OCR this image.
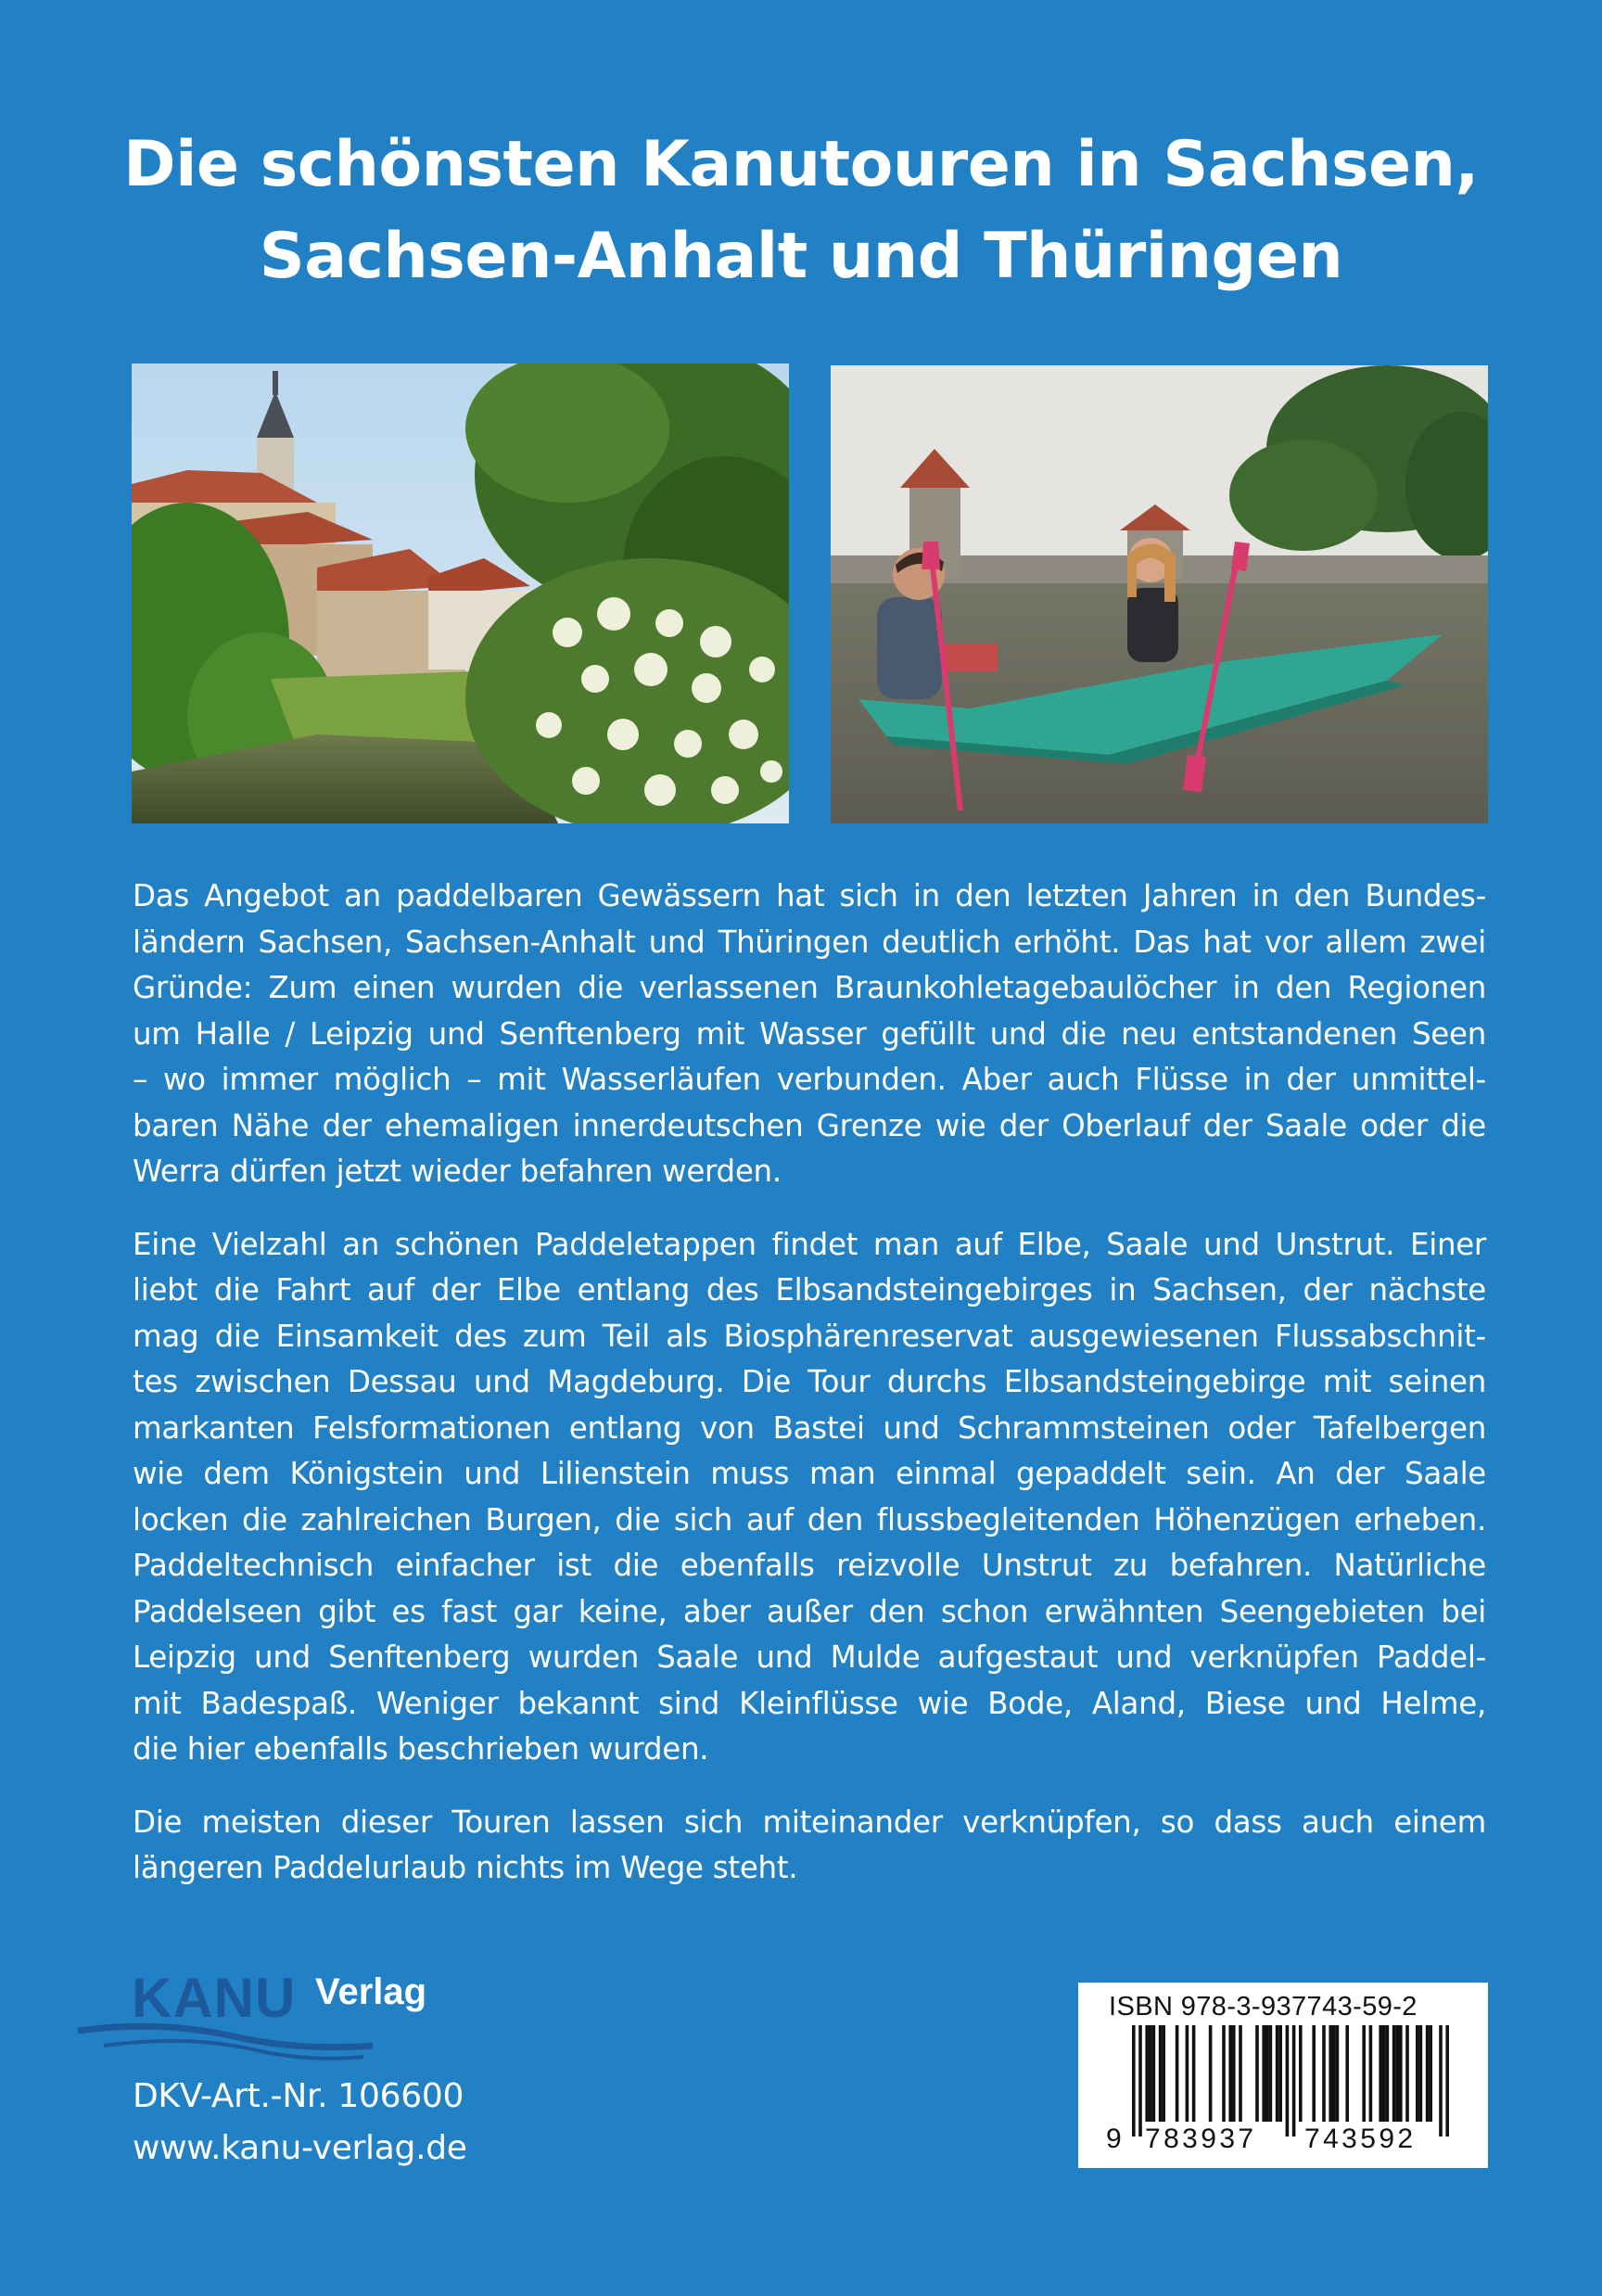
Die schönsten Kanutouren in Sachsen,
Sachsen-Anhalt und Thüringen

Das Angebot an paddelbaren Gewässern hat sich in den letzten Jahren in den Bundes-
ländern Sachsen, Sachsen-Anhalt und Thüringen deutlich erhöht. Das hat vor allem zwei
Gründe: Zum einen wurden die verlassenen Braunkohletagebaulöcher in den Regionen
um Halle / Leipzig und Senftenberg mit Wasser gefüllt und die neu entstandenen Seen
– wo immer möglich – mit Wasserläufen verbunden. Aber auch Flüsse in der unmittel-
baren Nähe der ehemaligen innerdeutschen Grenze wie der Oberlauf der Saale oder die
Werra dürfen jetzt wieder befahren werden.

Eine Vielzahl an schönen Paddeletappen findet man auf Elbe, Saale und Unstrut. Einer
liebt die Fahrt auf der Elbe entlang des Elbsandsteingebirges in Sachsen, der nächste
mag die Einsamkeit des zum Teil als Biosphärenreservat ausgewiesenen Flussabschnit-
tes zwischen Dessau und Magdeburg. Die Tour durchs Elbsandsteingebirge mit seinen
markanten Felsformationen entlang von Bastei und Schrammsteinen oder Tafelbergen
wie dem Königstein und Lilienstein muss man einmal gepaddelt sein. An der Saale
locken die zahlreichen Burgen, die sich auf den flussbegleitenden Höhenzügen erheben.
Paddeltechnisch einfacher ist die ebenfalls reizvolle Unstrut zu befahren. Natürliche
Paddelseen gibt es fast gar keine, aber außer den schon erwähnten Seengebieten bei
Leipzig und Senftenberg wurden Saale und Mulde aufgestaut und verknüpfen Paddel-
mit Badespaß. Weniger bekannt sind Kleinflüsse wie Bode, Aland, Biese und Helme,
die hier ebenfalls beschrieben wurden.

Die meisten dieser Touren lassen sich miteinander verknüpfen, so dass auch einem
längeren Paddelurlaub nichts im Wege steht.

KANU Verlag
DKV-Art.-Nr. 106600
www.kanu-verlag.de
ISBN 978-3-937743-59-2
9 783937 743592
